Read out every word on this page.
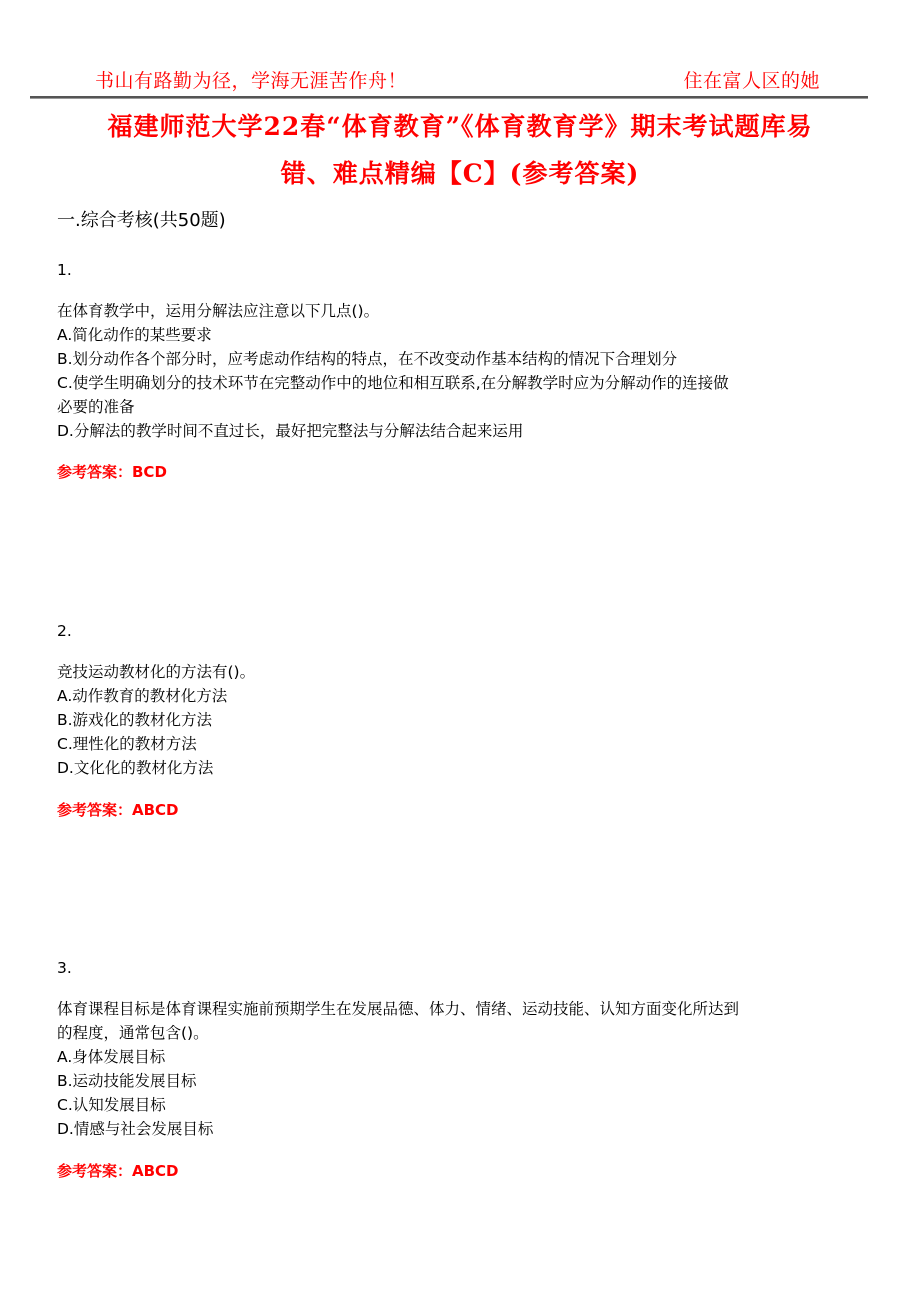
书山有路勤为径，学海无涯苦作舟！	住在富人区的她
福建师范大学22春“体育教育”《体育教育学》期末考试题库易
错、难点精编【C】(参考答案)
一.综合考核(共50题)
1.
在体育教学中，运用分解法应注意以下几点()。
A.简化动作的某些要求
B.划分动作各个部分时，应考虑动作结构的特点，在不改变动作基本结构的情况下合理划分
C.使学生明确划分的技术环节在完整动作中的地位和相互联系,在分解教学时应为分解动作的连接做
必要的准备
D.分解法的教学时间不直过长，最好把完整法与分解法结合起来运用
参考答案：BCD
2.
竞技运动教材化的方法有()。
A.动作教育的教材化方法
B.游戏化的教材化方法
C.理性化的教材方法
D.文化化的教材化方法
参考答案：ABCD
3.
体育课程目标是体育课程实施前预期学生在发展品德、体力、情绪、运动技能、认知方面变化所达到
的程度，通常包含()。
A.身体发展目标
B.运动技能发展目标
C.认知发展目标
D.情感与社会发展目标
参考答案：ABCD
